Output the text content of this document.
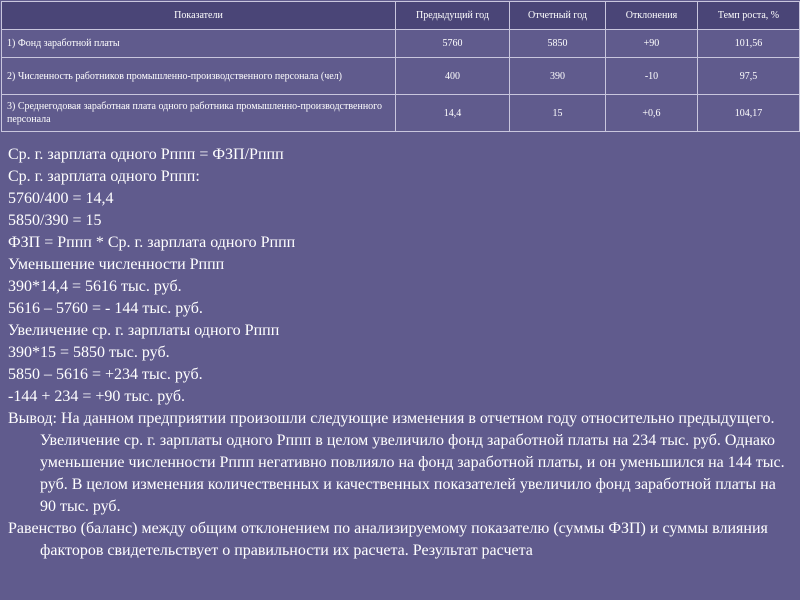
Показатели	Предыдущий год	Отчетный год	Отклонения	Темп роста, %
1) Фонд заработной платы	5760	5850	+90	101,56
2) Численность работников промышленно-производственного персонала (чел)	400	390	-10	97,5
3) Среднегодовая заработная плата одного работника промышленно-производственного персонала	14,4	15	+0,6	104,17

Ср. г. зарплата одного Рппп = ФЗП/Рппп

Ср. г. зарплата одного Рппп:

5760/400 = 14,4

5850/390 = 15

ФЗП = Рппп * Ср. г. зарплата одного Рппп

Уменьшение численности Рппп

390*14,4 = 5616 тыс. руб.

5616 – 5760 = - 144 тыс. руб.

Увеличение ср. г. зарплаты одного Рппп

390*15 = 5850 тыс. руб.

5850 – 5616 = +234 тыс. руб.

-144 + 234 = +90 тыс. руб.

Вывод: На данном предприятии произошли следующие изменения в отчетном году относительно предыдущего. Увеличение ср. г. зарплаты одного Рппп в целом увеличило фонд заработной платы на 234 тыс. руб. Однако уменьшение численности Рппп негативно повлияло на фонд заработной платы, и он уменьшился на 144 тыс. руб. В целом изменения количественных и качественных показателей увеличило фонд заработной платы на 90 тыс. руб.

Равенство (баланс) между общим отклонением по анализируемому показателю (суммы ФЗП) и суммы влияния факторов свидетельствует о правильности их расчета. Результат расчета
